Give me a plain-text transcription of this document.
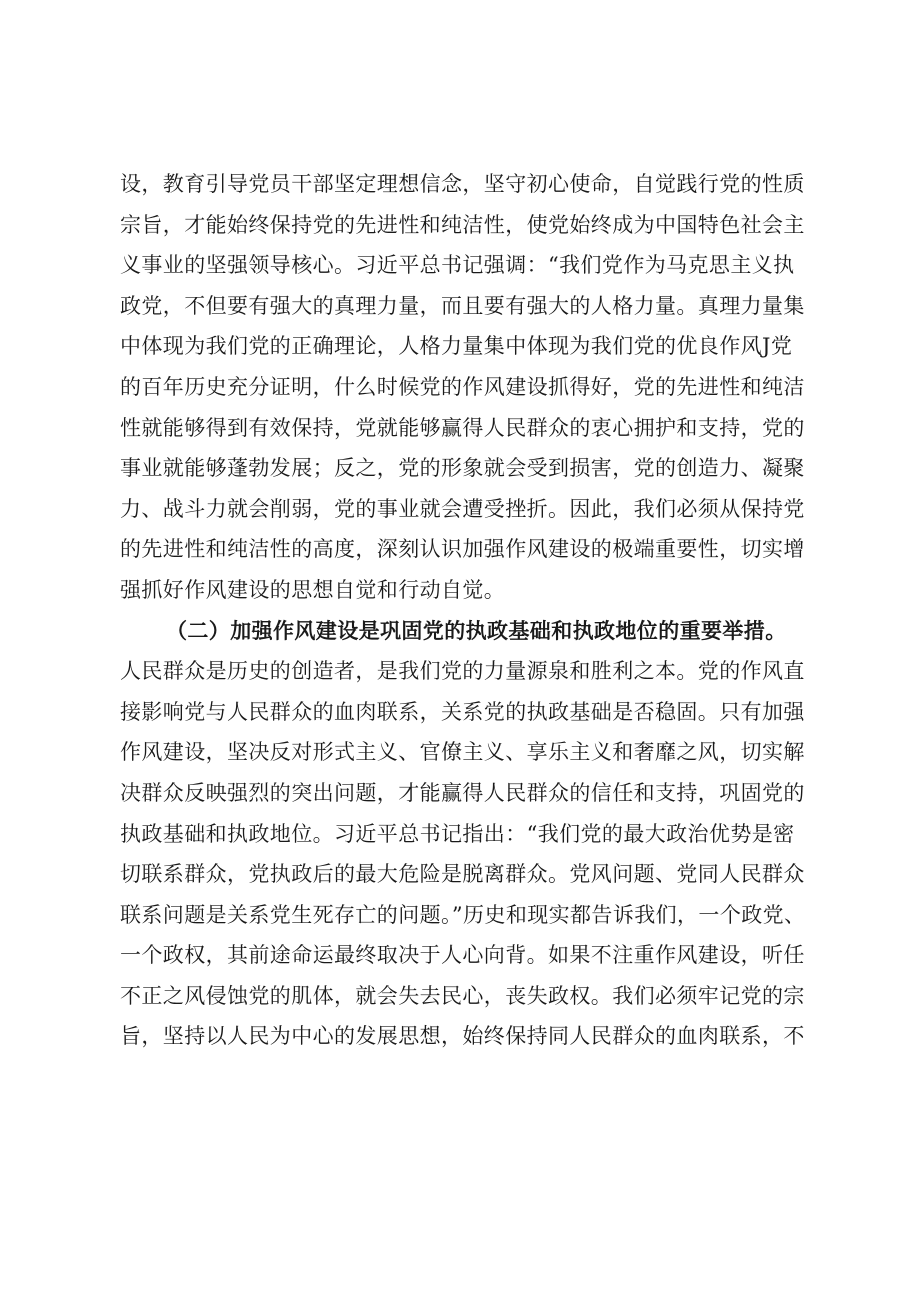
设，教育引导党员干部坚定理想信念，坚守初心使命，自觉践行党的性质
宗旨，才能始终保持党的先进性和纯洁性，使党始终成为中国特色社会主
义事业的坚强领导核心。习近平总书记强调：“我们党作为马克思主义执
政党，不但要有强大的真理力量，而且要有强大的人格力量。真理力量集
中体现为我们党的正确理论，人格力量集中体现为我们党的优良作风J党
的百年历史充分证明，什么时候党的作风建设抓得好，党的先进性和纯洁
性就能够得到有效保持，党就能够赢得人民群众的衷心拥护和支持，党的
事业就能够蓬勃发展；反之，党的形象就会受到损害，党的创造力、凝聚
力、战斗力就会削弱，党的事业就会遭受挫折。因此，我们必须从保持党
的先进性和纯洁性的高度，深刻认识加强作风建设的极端重要性，切实增
强抓好作风建设的思想自觉和行动自觉。
（二）加强作风建设是巩固党的执政基础和执政地位的重要举措。
人民群众是历史的创造者，是我们党的力量源泉和胜利之本。党的作风直
接影响党与人民群众的血肉联系，关系党的执政基础是否稳固。只有加强
作风建设，坚决反对形式主义、官僚主义、享乐主义和奢靡之风，切实解
决群众反映强烈的突出问题，才能赢得人民群众的信任和支持，巩固党的
执政基础和执政地位。习近平总书记指出：“我们党的最大政治优势是密
切联系群众，党执政后的最大危险是脱离群众。党风问题、党同人民群众
联系问题是关系党生死存亡的问题。”历史和现实都告诉我们，一个政党、
一个政权，其前途命运最终取决于人心向背。如果不注重作风建设，听任
不正之风侵蚀党的肌体，就会失去民心，丧失政权。我们必须牢记党的宗
旨，坚持以人民为中心的发展思想，始终保持同人民群众的血肉联系，不
